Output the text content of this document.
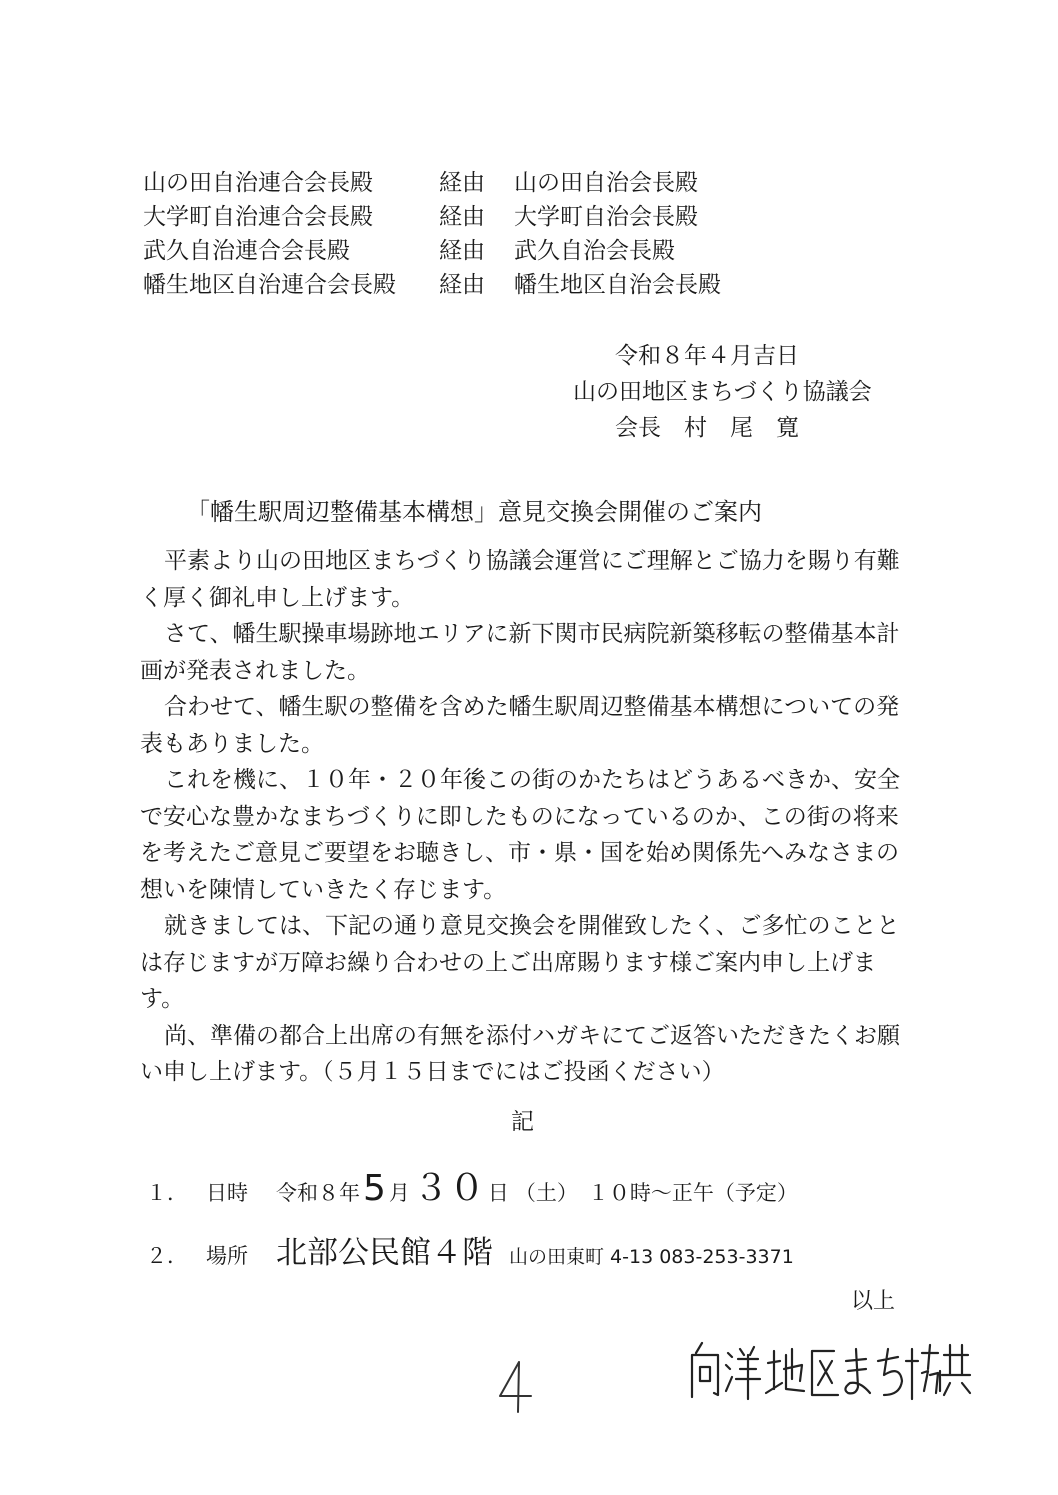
山の田自治連合会長殿	経由	山の田自治会長殿
大学町自治連合会長殿	経由	大学町自治会長殿
武久自治連合会長殿	経由	武久自治会長殿
幡生地区自治連合会長殿	経由	幡生地区自治会長殿
令和８年４月吉日
山の田地区まちづくり協議会
会長　村　尾　寛
「幡生駅周辺整備基本構想」意見交換会開催のご案内

平素より山の田地区まちづくり協議会運営にご理解とご協力を賜り有難く厚く御礼申し上げます。

さて、幡生駅操車場跡地エリアに新下関市民病院新築移転の整備基本計画が発表されました。

合わせて、幡生駅の整備を含めた幡生駅周辺整備基本構想についての発表もありました。

これを機に、１０年・２０年後この街のかたちはどうあるべきか、安全で安心な豊かなまちづくりに即したものになっているのか、この街の将来を考えたご意見ご要望をお聴きし、市・県・国を始め関係先へみなさまの想いを陳情していきたく存じます。

就きましては、下記の通り意見交換会を開催致したく、ご多忙のこととは存じますが万障お繰り合わせの上ご出席賜ります様ご案内申し上げます。

尚、準備の都合上出席の有無を添付ハガキにてご返答いただきたくお願い申し上げます。（５月１５日までにはご投函ください）

記
１． 日時	令和８年 5 月 ３０ 日 （土） １０時～正午（予定）
２． 場所 北部公民館４階 山の田東町 4-13 083-253-3371
以上
